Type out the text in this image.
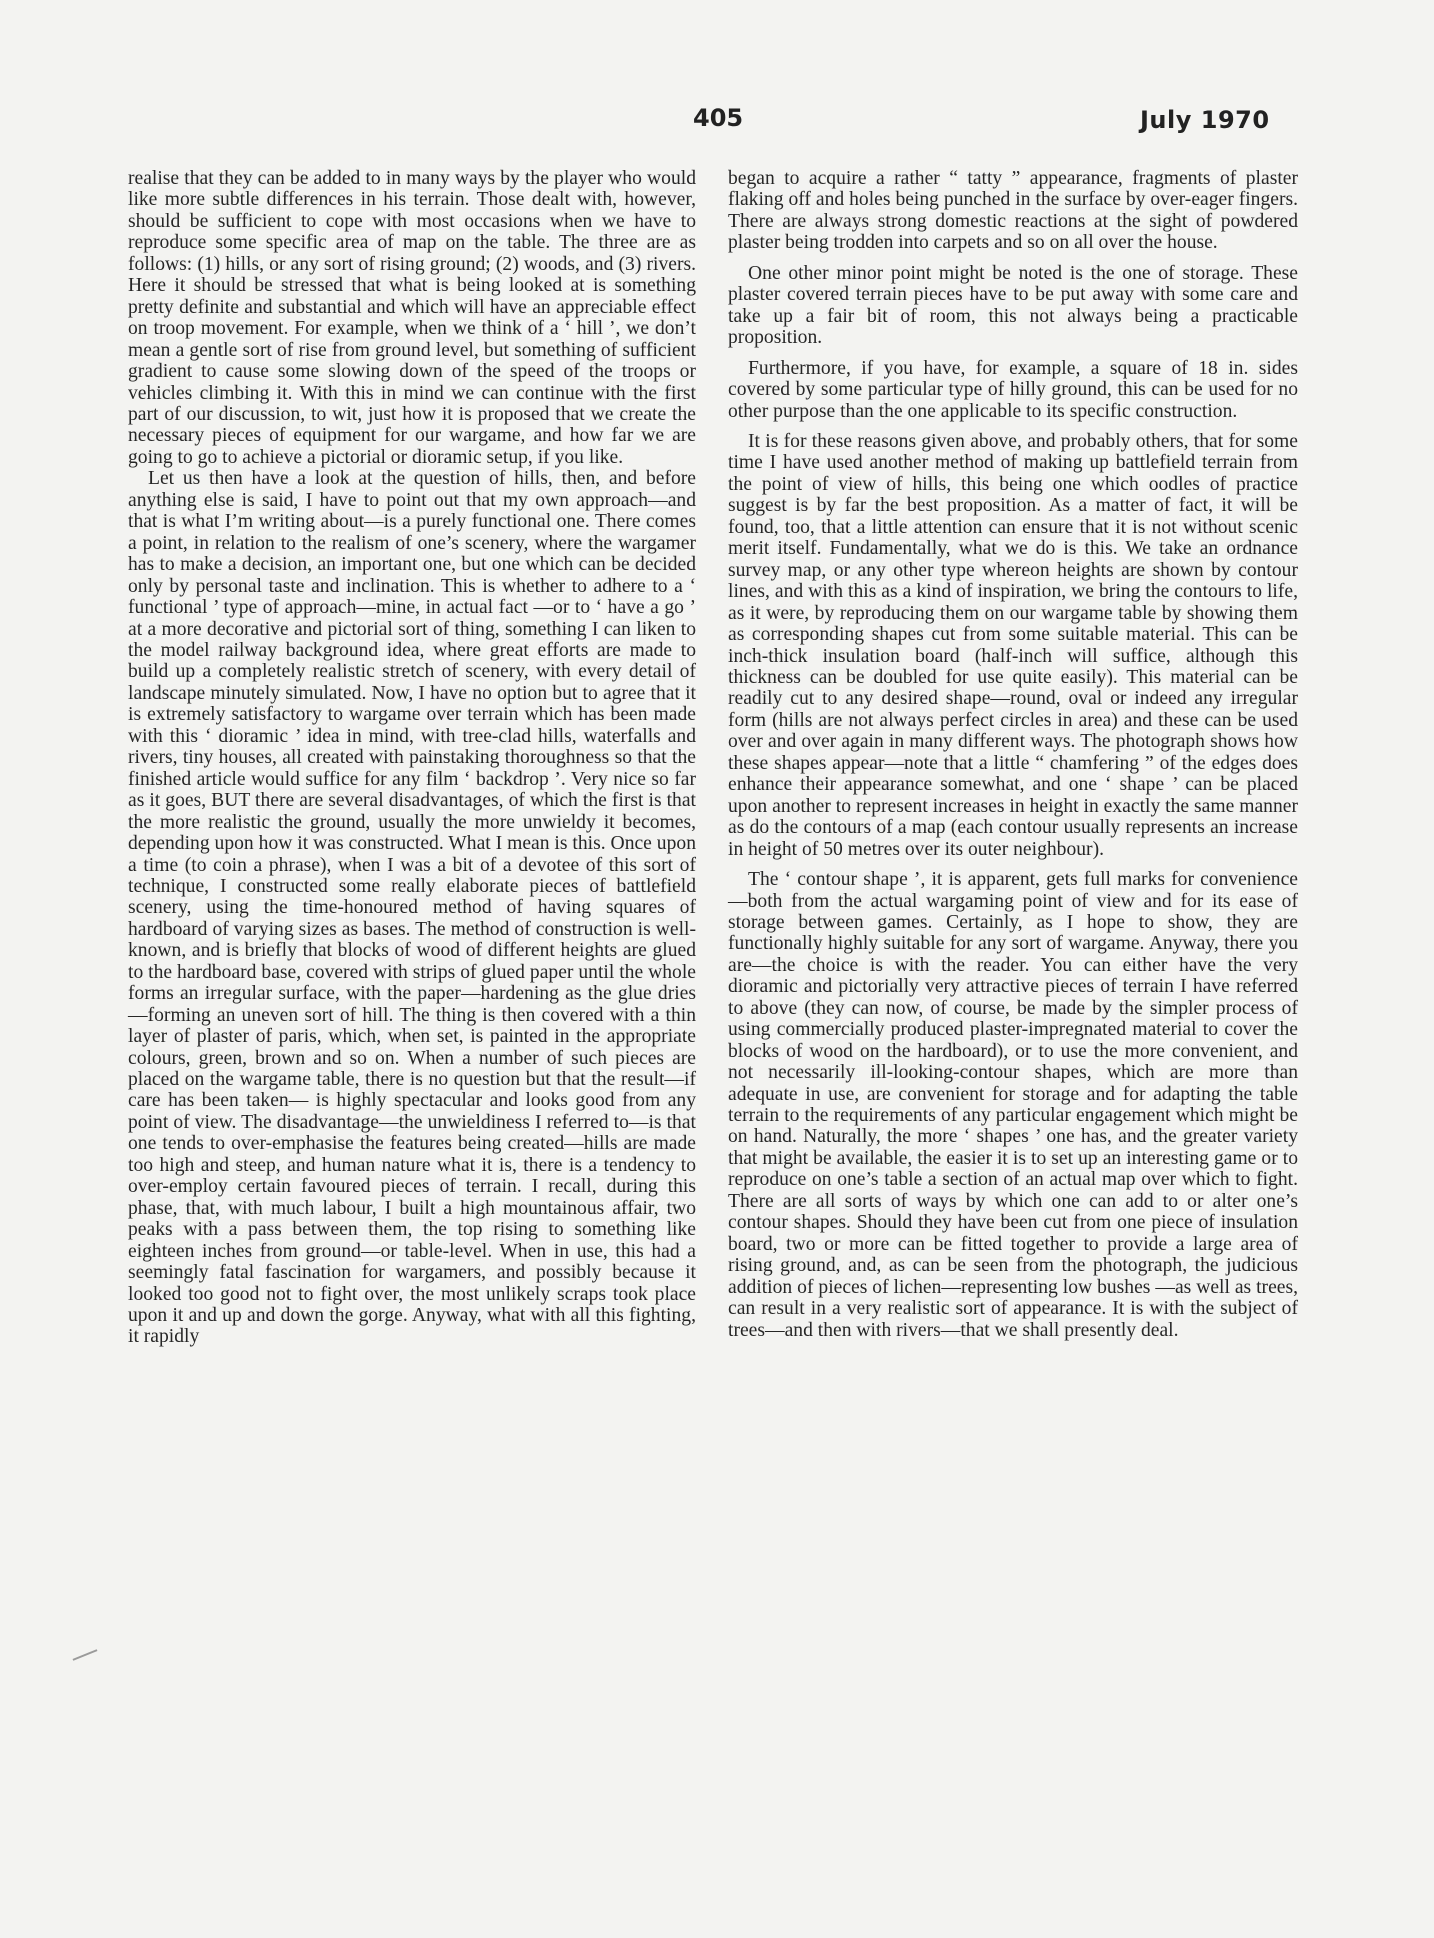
405	July 1970

realise that they can be added to in many ways by the player who would like more subtle differences in his terrain. Those dealt with, however, should be sufficient to cope with most occasions when we have to reproduce some specific area of map on the table. The three are as follows: (1) hills, or any sort of rising ground; (2) woods, and (3) rivers. Here it should be stressed that what is being looked at is something pretty definite and substantial and which will have an appreciable effect on troop movement. For example, when we think of a ‘ hill ’, we don’t mean a gentle sort of rise from ground level, but something of sufficient gradient to cause some slowing down of the speed of the troops or vehicles climbing it. With this in mind we can continue with the first part of our discussion, to wit, just how it is proposed that we create the necessary pieces of equipment for our wargame, and how far we are going to go to achieve a pictorial or dioramic setup, if you like.

Let us then have a look at the question of hills, then, and before anything else is said, I have to point out that my own approach—and that is what I’m writing about—is a purely functional one. There comes a point, in relation to the realism of one’s scenery, where the wargamer has to make a decision, an important one, but one which can be decided only by personal taste and inclination. This is whether to adhere to a ‘ functional ’ type of approach—mine, in actual fact —or to ‘ have a go ’ at a more decorative and pictorial sort of thing, something I can liken to the model railway background idea, where great efforts are made to build up a completely realistic stretch of scenery, with every detail of landscape minutely simulated. Now, I have no option but to agree that it is extremely satisfactory to wargame over terrain which has been made with this ‘ dioramic ’ idea in mind, with tree-clad hills, waterfalls and rivers, tiny houses, all created with painstaking thoroughness so that the finished article would suffice for any film ‘ backdrop ’. Very nice so far as it goes, BUT there are several disadvantages, of which the first is that the more realistic the ground, usually the more unwieldy it becomes, depending upon how it was constructed. What I mean is this. Once upon a time (to coin a phrase), when I was a bit of a devotee of this sort of technique, I constructed some really elaborate pieces of battlefield scenery, using the time-honoured method of having squares of hardboard of varying sizes as bases. The method of construction is well-known, and is briefly that blocks of wood of different heights are glued to the hardboard base, covered with strips of glued paper until the whole forms an irregular surface, with the paper—hardening as the glue dries—forming an uneven sort of hill. The thing is then covered with a thin layer of plaster of paris, which, when set, is painted in the appropriate colours, green, brown and so on. When a number of such pieces are placed on the wargame table, there is no question but that the result—if care has been taken— is highly spectacular and looks good from any point of view. The disadvantage—the unwieldiness I referred to—is that one tends to over-emphasise the features being created—hills are made too high and steep, and human nature what it is, there is a tendency to over-employ certain favoured pieces of terrain. I recall, during this phase, that, with much labour, I built a high mountainous affair, two peaks with a pass between them, the top rising to something like eighteen inches from ground—or table-level. When in use, this had a seemingly fatal fascination for wargamers, and possibly because it looked too good not to fight over, the most unlikely scraps took place upon it and up and down the gorge. Anyway, what with all this fighting, it rapidly

began to acquire a rather “ tatty ” appearance, fragments of plaster flaking off and holes being punched in the surface by over-eager fingers. There are always strong domestic reactions at the sight of powdered plaster being trodden into carpets and so on all over the house.

One other minor point might be noted is the one of storage. These plaster covered terrain pieces have to be put away with some care and take up a fair bit of room, this not always being a practicable proposition.

Furthermore, if you have, for example, a square of 18 in. sides covered by some particular type of hilly ground, this can be used for no other purpose than the one applicable to its specific construction.

It is for these reasons given above, and probably others, that for some time I have used another method of making up battlefield terrain from the point of view of hills, this being one which oodles of practice suggest is by far the best proposition. As a matter of fact, it will be found, too, that a little attention can ensure that it is not without scenic merit itself. Fundamentally, what we do is this. We take an ordnance survey map, or any other type whereon heights are shown by contour lines, and with this as a kind of inspiration, we bring the contours to life, as it were, by reproducing them on our wargame table by showing them as corresponding shapes cut from some suitable material. This can be inch-thick insulation board (half-inch will suffice, although this thickness can be doubled for use quite easily). This material can be readily cut to any desired shape—round, oval or indeed any irregular form (hills are not always perfect circles in area) and these can be used over and over again in many different ways. The photograph shows how these shapes appear—note that a little “ chamfering ” of the edges does enhance their appearance somewhat, and one ‘ shape ’ can be placed upon another to represent increases in height in exactly the same manner as do the contours of a map (each contour usually represents an increase in height of 50 metres over its outer neighbour).

The ‘ contour shape ’, it is apparent, gets full marks for convenience—both from the actual wargaming point of view and for its ease of storage between games. Certainly, as I hope to show, they are functionally highly suitable for any sort of wargame. Anyway, there you are—the choice is with the reader. You can either have the very dioramic and pictorially very attractive pieces of terrain I have referred to above (they can now, of course, be made by the simpler process of using commercially produced plaster-impregnated material to cover the blocks of wood on the hardboard), or to use the more convenient, and not necessarily ill-looking-contour shapes, which are more than adequate in use, are convenient for storage and for adapting the table terrain to the requirements of any particular engagement which might be on hand. Naturally, the more ‘ shapes ’ one has, and the greater variety that might be available, the easier it is to set up an interesting game or to reproduce on one’s table a section of an actual map over which to fight. There are all sorts of ways by which one can add to or alter one’s contour shapes. Should they have been cut from one piece of insulation board, two or more can be fitted together to provide a large area of rising ground, and, as can be seen from the photograph, the judicious addition of pieces of lichen—representing low bushes —as well as trees, can result in a very realistic sort of appearance. It is with the subject of trees—and then with rivers—that we shall presently deal.
